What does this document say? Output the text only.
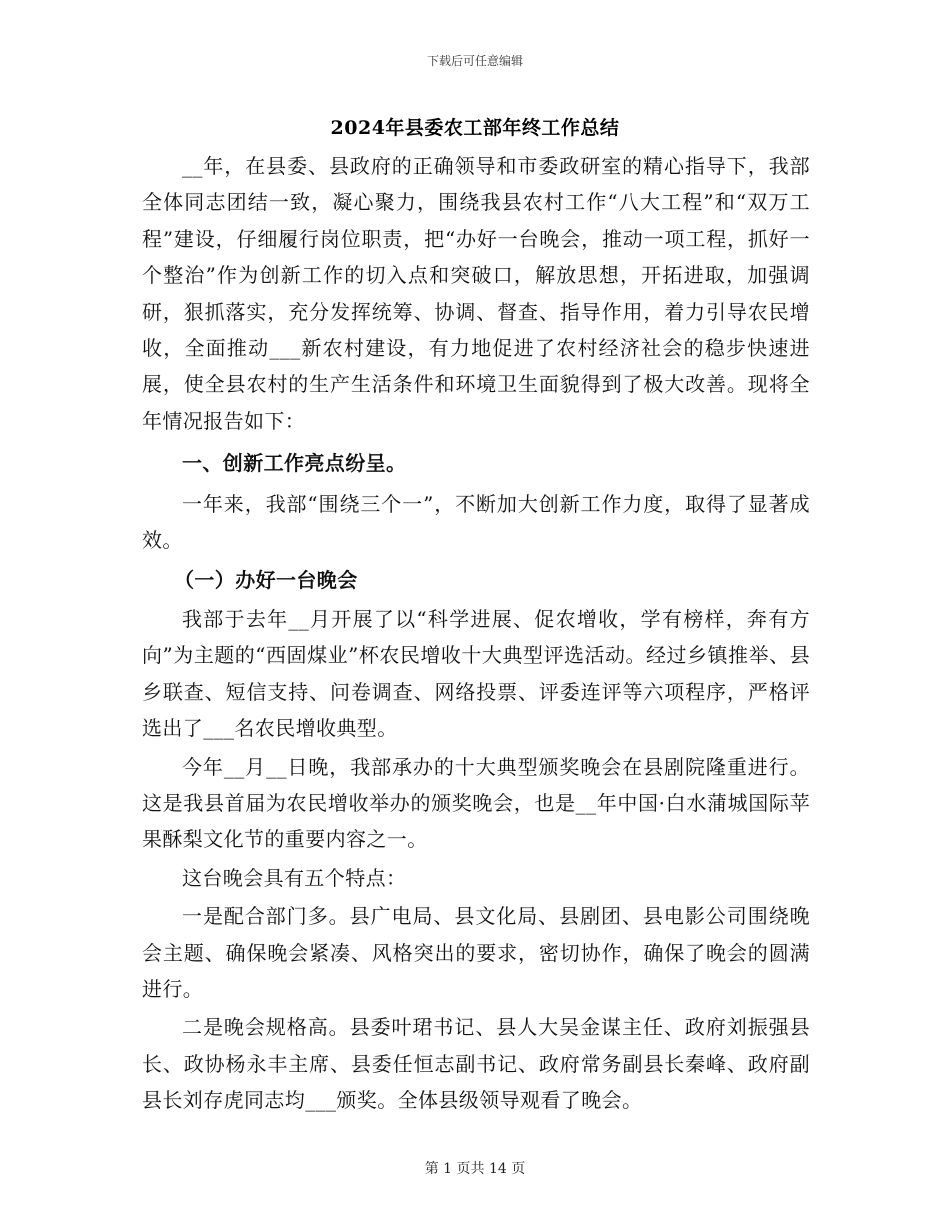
下载后可任意编辑
2024年县委农工部年终工作总结

__年，在县委、县政府的正确领导和市委政研室的精心指导下，我部全体同志团结一致，凝心聚力，围绕我县农村工作“八大工程”和“双万工程”建设，仔细履行岗位职责，把“办好一台晚会，推动一项工程，抓好一个整治”作为创新工作的切入点和突破口，解放思想，开拓进取，加强调研，狠抓落实，充分发挥统筹、协调、督查、指导作用，着力引导农民增收，全面推动___新农村建设，有力地促进了农村经济社会的稳步快速进展，使全县农村的生产生活条件和环境卫生面貌得到了极大改善。现将全年情况报告如下：

一、创新工作亮点纷呈。

一年来，我部“围绕三个一”，不断加大创新工作力度，取得了显著成效。

（一）办好一台晚会

我部于去年__月开展了以“科学进展、促农增收，学有榜样，奔有方向”为主题的“西固煤业”杯农民增收十大典型评选活动。经过乡镇推举、县乡联查、短信支持、问卷调查、网络投票、评委连评等六项程序，严格评选出了___名农民增收典型。

今年__月__日晚，我部承办的十大典型颁奖晚会在县剧院隆重进行。这是我县首届为农民增收举办的颁奖晚会，也是__年中国·白水蒲城国际苹果酥梨文化节的重要内容之一。

这台晚会具有五个特点：

一是配合部门多。县广电局、县文化局、县剧团、县电影公司围绕晚会主题、确保晚会紧凑、风格突出的要求，密切协作，确保了晚会的圆满进行。

二是晚会规格高。县委叶珺书记、县人大吴金谋主任、政府刘振强县长、政协杨永丰主席、县委任恒志副书记、政府常务副县长秦峰、政府副县长刘存虎同志均___颁奖。全体县级领导观看了晚会。

第 1 页共 14 页
